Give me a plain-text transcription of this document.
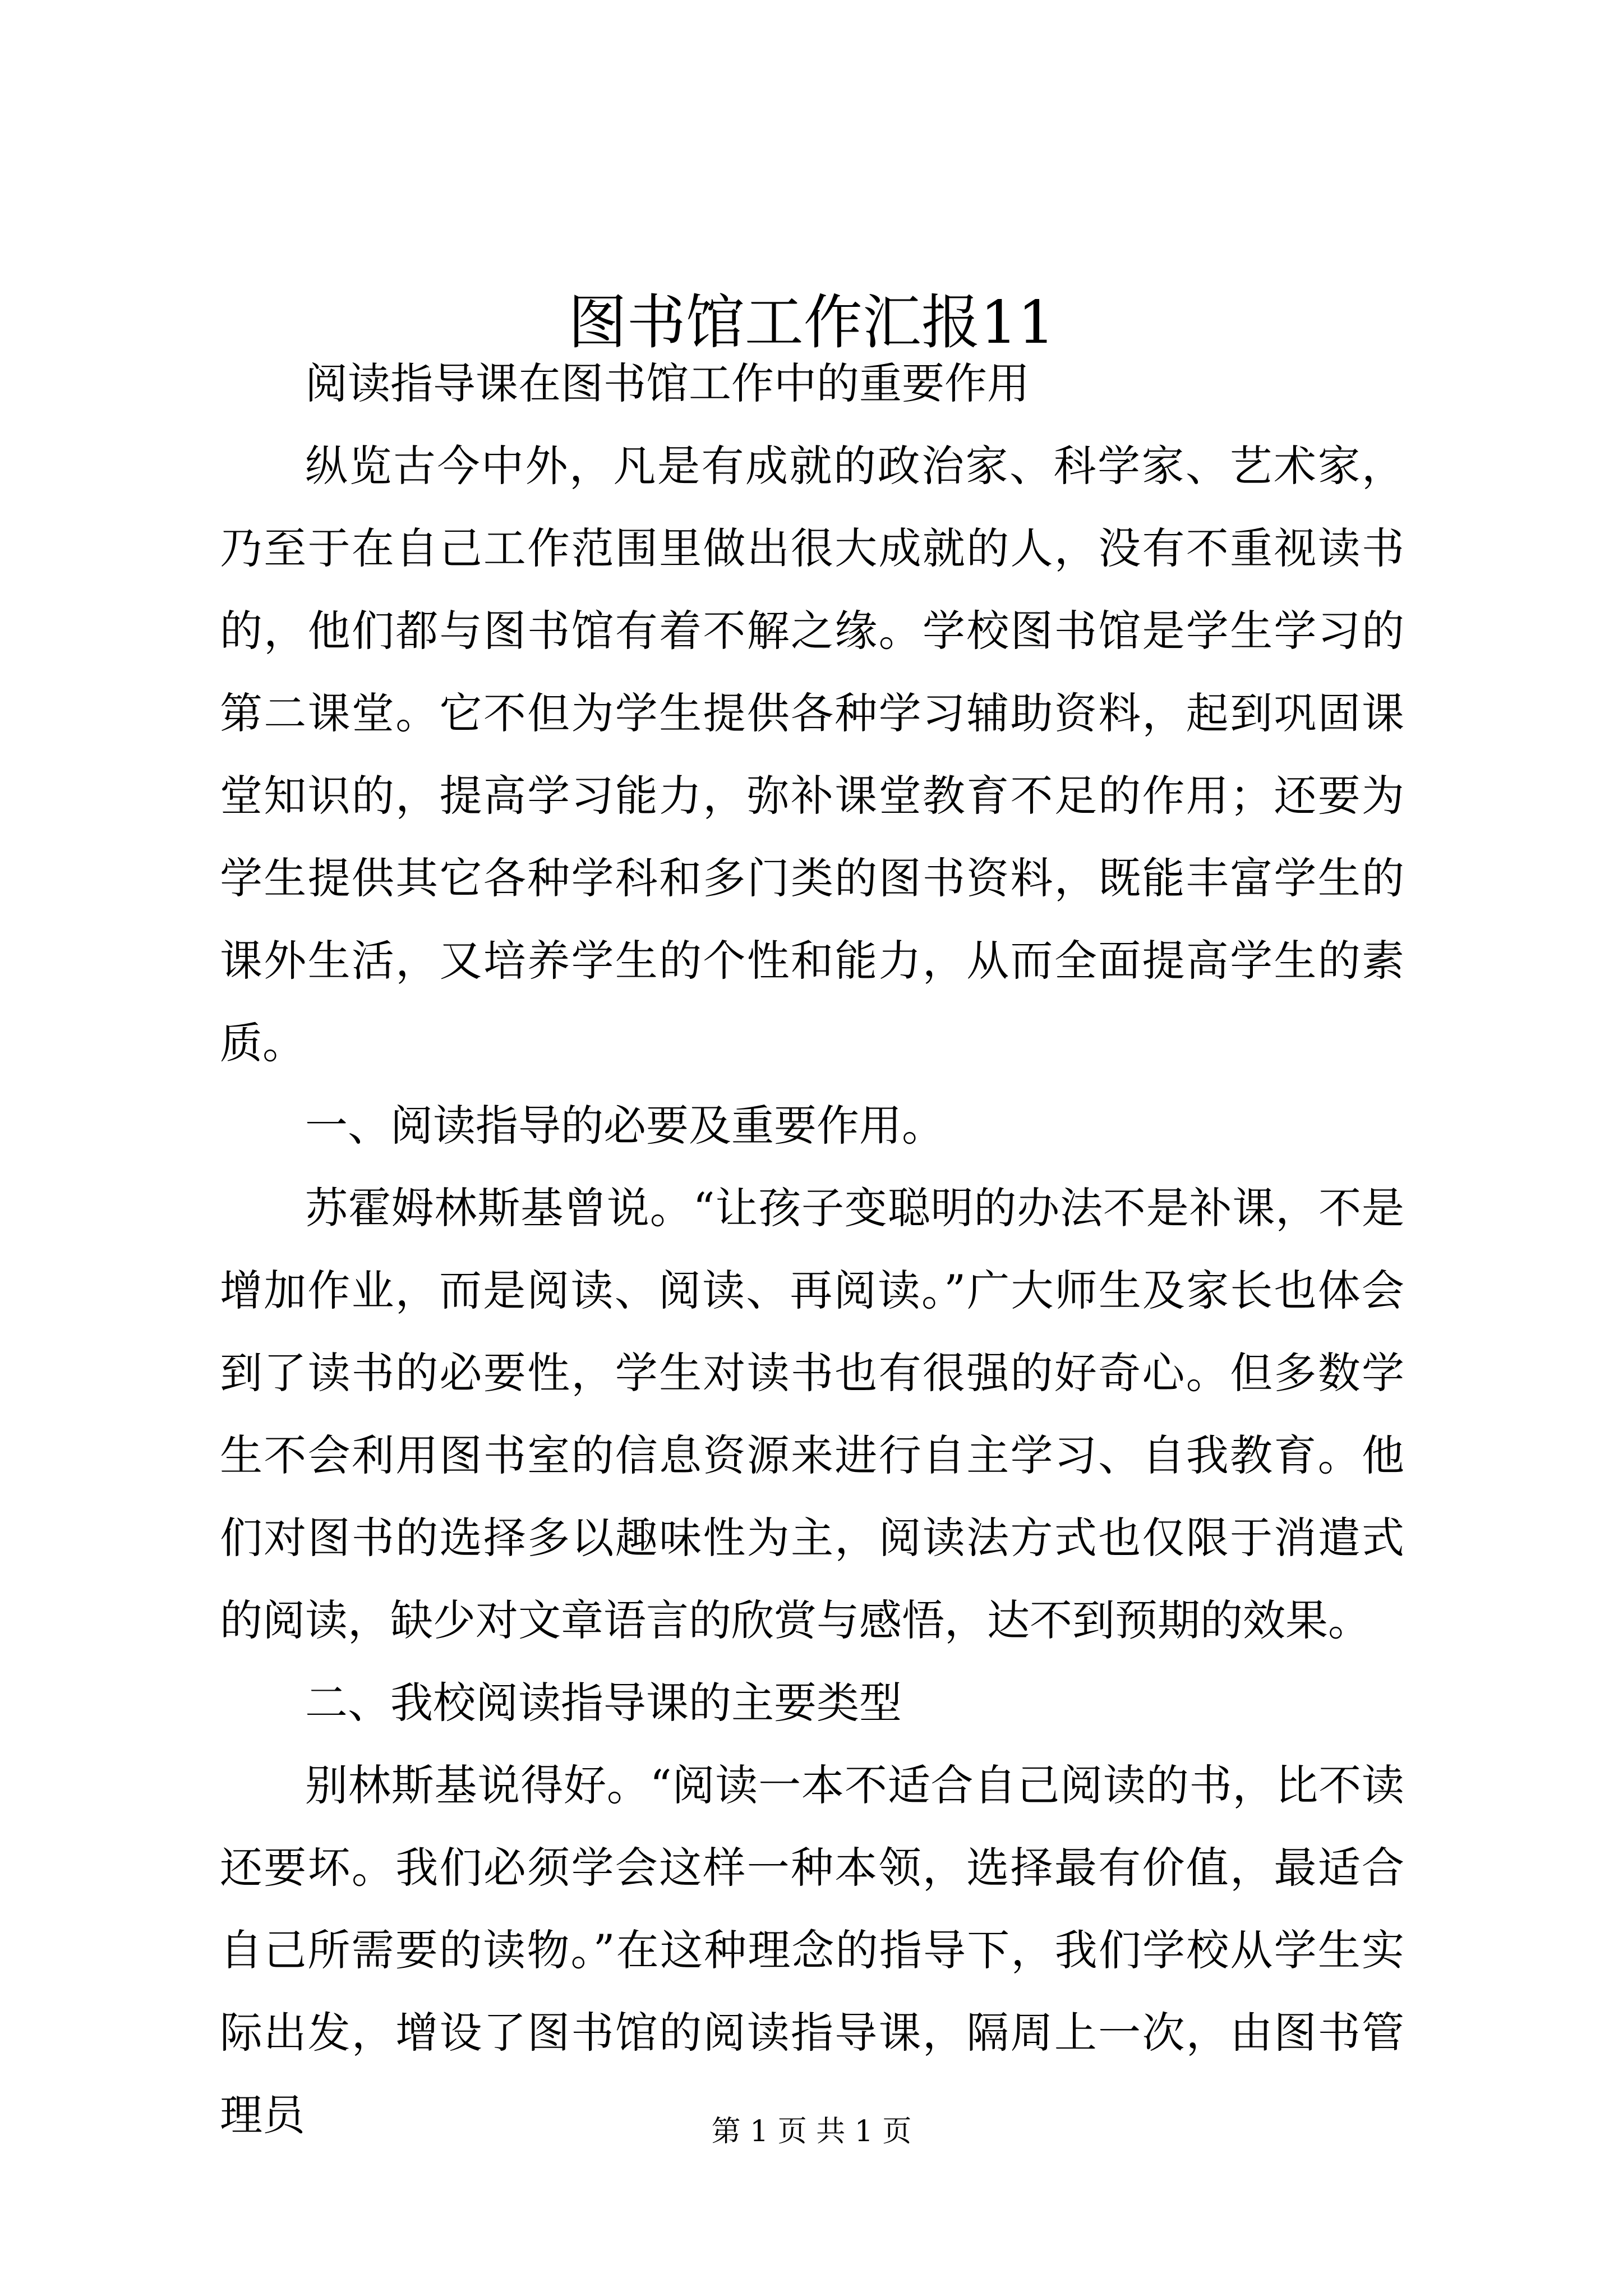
图书馆工作汇报11

阅读指导课在图书馆工作中的重要作用

纵览古今中外，凡是有成就的政治家、科学家、艺术家，乃至于在自己工作范围里做出很大成就的人，没有不重视读书的，他们都与图书馆有着不解之缘。学校图书馆是学生学习的第二课堂。它不但为学生提供各种学习辅助资料，起到巩固课堂知识的，提高学习能力，弥补课堂教育不足的作用；还要为学生提供其它各种学科和多门类的图书资料，既能丰富学生的课外生活，又培养学生的个性和能力，从而全面提高学生的素质。

一、阅读指导的必要及重要作用。

苏霍姆林斯基曾说。“让孩子变聪明的办法不是补课，不是增加作业，而是阅读、阅读、再阅读。”广大师生及家长也体会到了读书的必要性，学生对读书也有很强的好奇心。但多数学生不会利用图书室的信息资源来进行自主学习、自我教育。他们对图书的选择多以趣味性为主，阅读法方式也仅限于消遣式的阅读，缺少对文章语言的欣赏与感悟，达不到预期的效果。

二、我校阅读指导课的主要类型

别林斯基说得好。“阅读一本不适合自己阅读的书，比不读还要坏。我们必须学会这样一种本领，选择最有价值，最适合自己所需要的读物。”在这种理念的指导下，我们学校从学生实际出发，增设了图书馆的阅读指导课，隔周上一次，由图书管理员	第 1 页 共 1 页
